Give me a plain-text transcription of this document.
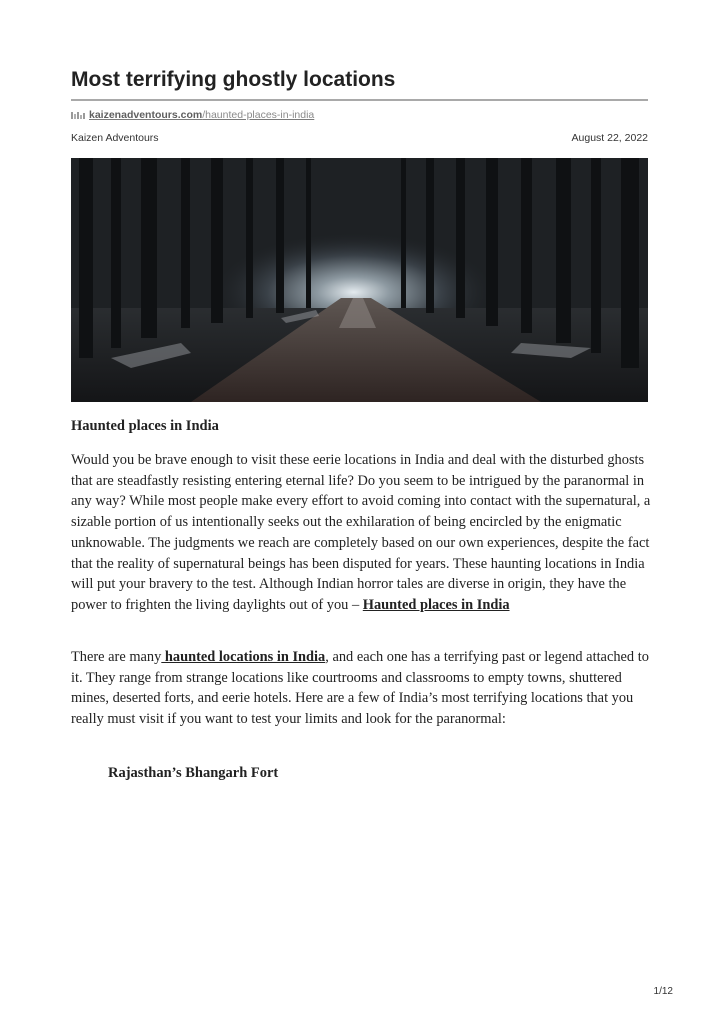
Most terrifying ghostly locations
kaizenadventours.com/haunted-places-in-india
Kaizen Adventours	August 22, 2022
Haunted places in India

Would you be brave enough to visit these eerie locations in India and deal with the disturbed ghosts that are steadfastly resisting entering eternal life? Do you seem to be intrigued by the paranormal in any way? While most people make every effort to avoid coming into contact with the supernatural, a sizable portion of us intentionally seeks out the exhilaration of being encircled by the enigmatic unknowable. The judgments we reach are completely based on our own experiences, despite the fact that the reality of supernatural beings has been disputed for years. These haunting locations in India will put your bravery to the test. Although Indian horror tales are diverse in origin, they have the power to frighten the living daylights out of you – Haunted places in India

There are many haunted locations in India, and each one has a terrifying past or legend attached to it. They range from strange locations like courtrooms and classrooms to empty towns, shuttered mines, deserted forts, and eerie hotels. Here are a few of India’s most terrifying locations that you really must visit if you want to test your limits and look for the paranormal:

Rajasthan’s Bhangarh Fort
1/12
